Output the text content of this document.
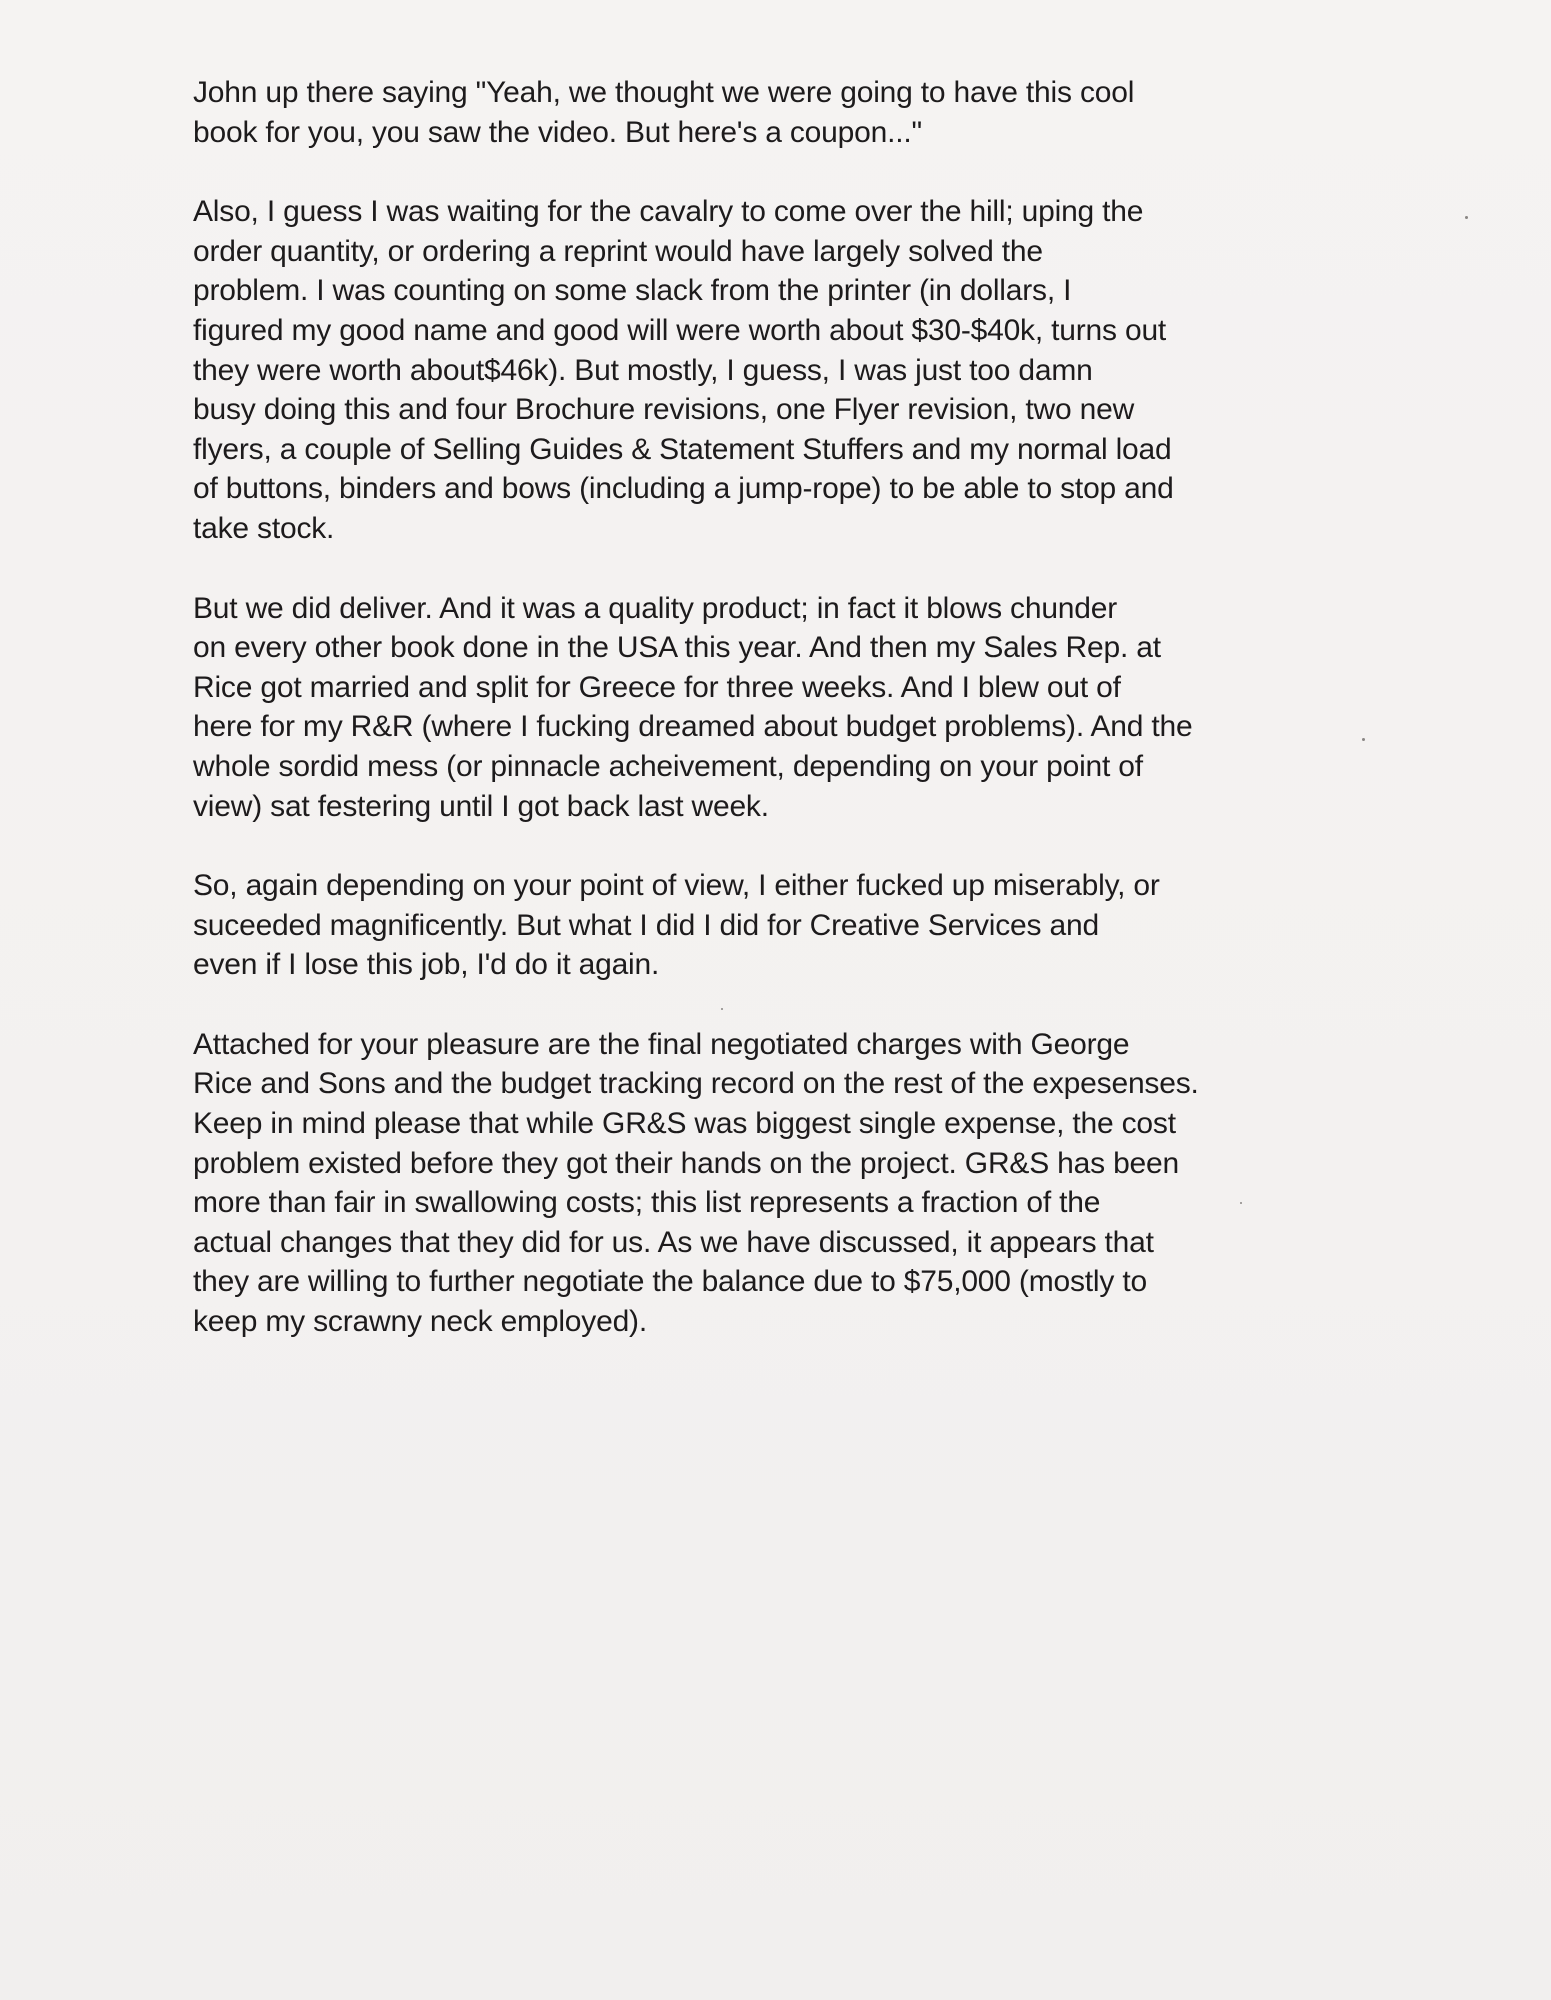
John up there saying "Yeah, we thought we were going to have this cool
book for you, you saw the video. But here's a coupon..."

Also, I guess I was waiting for the cavalry to come over the hill; uping the
order quantity, or ordering a reprint would have largely solved the
problem. I was counting on some slack from the printer (in dollars, I
figured my good name and good will were worth about $30-$40k, turns out
they were worth about$46k). But mostly, I guess, I was just too damn
busy doing this and four Brochure revisions, one Flyer revision, two new
flyers, a couple of Selling Guides & Statement Stuffers and my normal load
of buttons, binders and bows (including a jump-rope) to be able to stop and
take stock.

But we did deliver. And it was a quality product; in fact it blows chunder
on every other book done in the USA this year. And then my Sales Rep. at
Rice got married and split for Greece for three weeks. And I blew out of
here for my R&R (where I fucking dreamed about budget problems). And the
whole sordid mess (or pinnacle acheivement, depending on your point of
view) sat festering until I got back last week.

So, again depending on your point of view, I either fucked up miserably, or
suceeded magnificently. But what I did I did for Creative Services and
even if I lose this job, I'd do it again.

Attached for your pleasure are the final negotiated charges with George
Rice and Sons and the budget tracking record on the rest of the expesenses.
Keep in mind please that while GR&S was biggest single expense, the cost
problem existed before they got their hands on the project. GR&S has been
more than fair in swallowing costs; this list represents a fraction of the
actual changes that they did for us. As we have discussed, it appears that
they are willing to further negotiate the balance due to $75,000 (mostly to
keep my scrawny neck employed).
